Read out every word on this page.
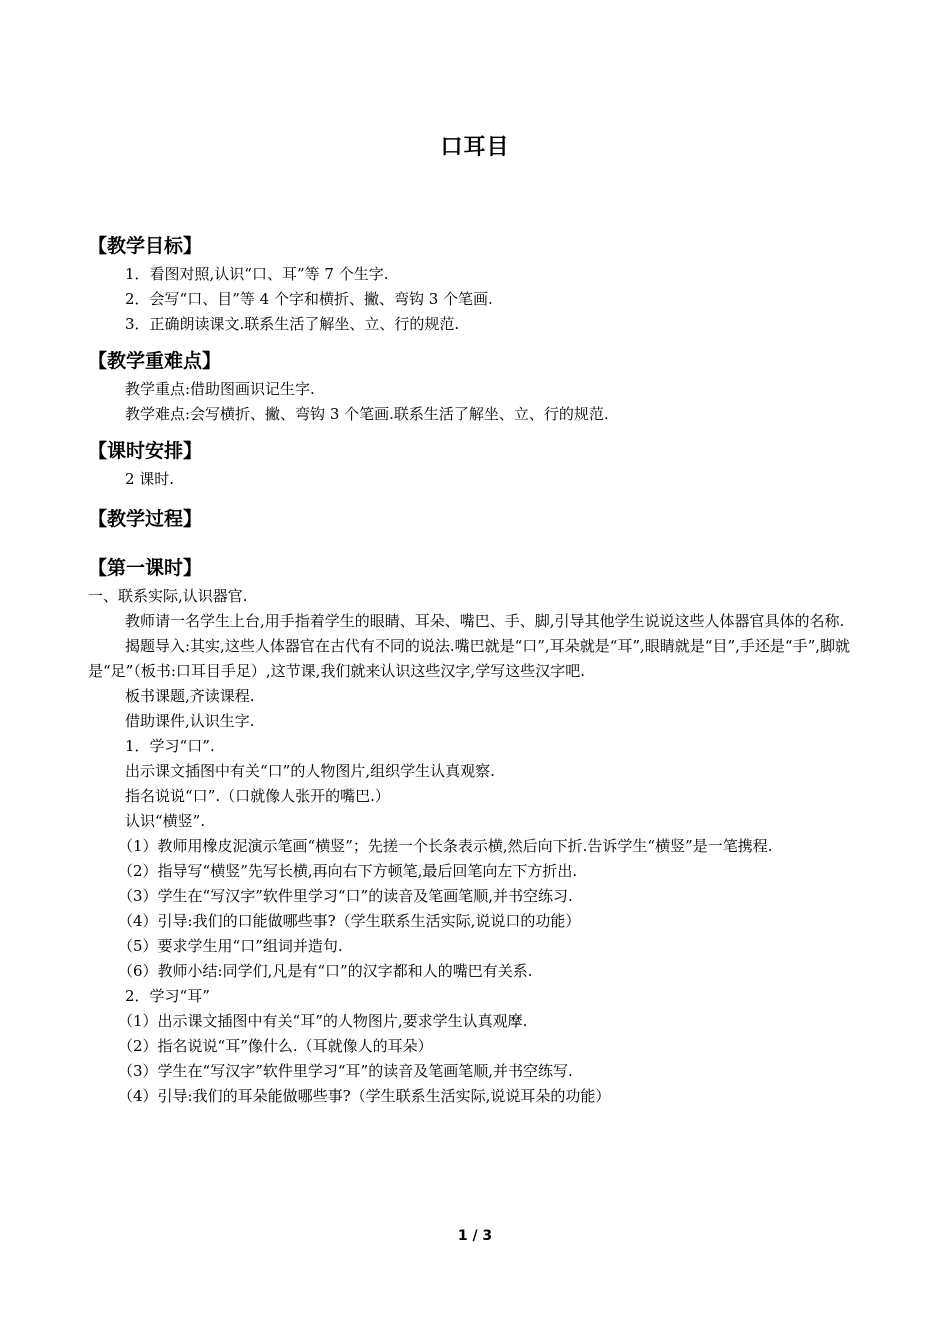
口耳目
【教学目标】
1．看图对照,认识“口、耳”等 7 个生字.
2．会写“口、目”等 4 个字和横折、撇、弯钩 3 个笔画.
3．正确朗读课文.联系生活了解坐、立、行的规范.
【教学重难点】
教学重点:借助图画识记生字.
教学难点:会写横折、撇、弯钩 3 个笔画.联系生活了解坐、立、行的规范.
【课时安排】
2 课时.
【教学过程】
【第一课时】
一、联系实际,认识器官.
教师请一名学生上台,用手指着学生的眼睛、耳朵、嘴巴、手、脚,引导其他学生说说这些人体器官具体的名称.
揭题导入:其实,这些人体器官在古代有不同的说法.嘴巴就是“口”,耳朵就是“耳”,眼睛就是“目”,手还是“手”,脚就是“足”（板书:口耳目手足）,这节课,我们就来认识这些汉字,学写这些汉字吧.
板书课题,齐读课程.
借助课件,认识生字.
1．学习“口”.
出示课文插图中有关“口”的人物图片,组织学生认真观察.
指名说说“口”.（口就像人张开的嘴巴.）
认识“横竖”.
（1）教师用橡皮泥演示笔画“横竖”；先搓一个长条表示横,然后向下折.告诉学生“横竖”是一笔携程.
（2）指导写“横竖”先写长横,再向右下方顿笔,最后回笔向左下方折出.
（3）学生在“写汉字”软件里学习“口”的读音及笔画笔顺,并书空练习.
（4）引导:我们的口能做哪些事?（学生联系生活实际,说说口的功能）
（5）要求学生用“口”组词并造句.
（6）教师小结:同学们,凡是有“口”的汉字都和人的嘴巴有关系.
2．学习“耳”
（1）出示课文插图中有关“耳”的人物图片,要求学生认真观摩.
（2）指名说说“耳”像什么.（耳就像人的耳朵）
（3）学生在“写汉字”软件里学习“耳”的读音及笔画笔顺,并书空练写.
（4）引导:我们的耳朵能做哪些事?（学生联系生活实际,说说耳朵的功能）
1 / 3
